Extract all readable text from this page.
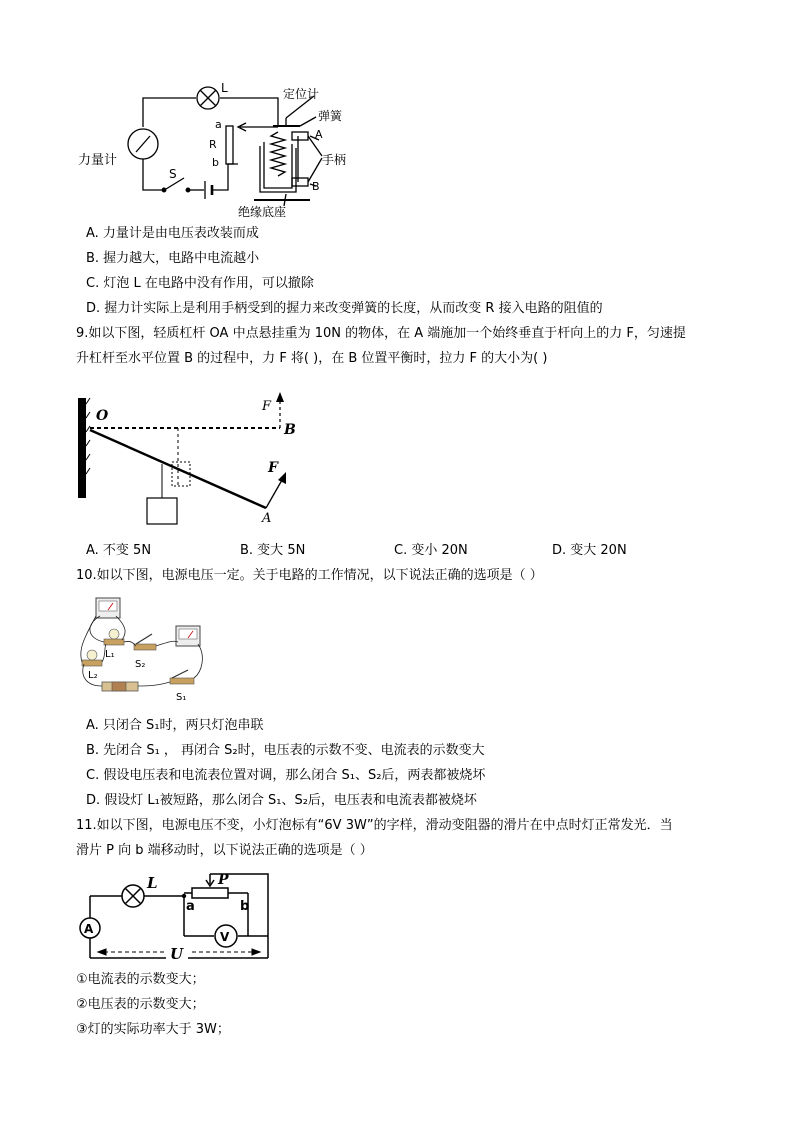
L
a
R
b
S
力量计
定位计
弹簧
A
手柄
B
绝缘底座
A. 力量计是由电压表改装而成
B. 握力越大，电路中电流越小
C. 灯泡 L 在电路中没有作用，可以撤除
D. 握力计实际上是利用手柄受到的握力来改变弹簧的长度，从而改变 R 接入电路的阻值的
9.如以下图，轻质杠杆 OA 中点悬挂重为 10N 的物体，在 A 端施加一个始终垂直于杆向上的力 F，匀速提
升杠杆至水平位置 B 的过程中，力 F 将( )，在 B 位置平衡时，拉力 F 的大小为( )
O
B
F
F
A
A. 不变 5N	B. 变大 5N	C. 变小 20N	D. 变大 20N
10.如以下图，电源电压一定。关于电路的工作情况，以下说法正确的选项是（ ）
L₁
S₂
L₂
S₁
A. 只闭合 S₁时，两只灯泡串联
B. 先闭合 S₁ ， 再闭合 S₂时，电压表的示数不变、电流表的示数变大
C. 假设电压表和电流表位置对调，那么闭合 S₁、S₂后，两表都被烧坏
D. 假设灯 L₁被短路，那么闭合 S₁、S₂后，电压表和电流表都被烧坏
11.如以下图，电源电压不变，小灯泡标有“6V 3W”的字样，滑动变阻器的滑片在中点时灯正常发光．当
滑片 P 向 b 端移动时，以下说法正确的选项是（ ）
L	P
a	b
A
V
U
①电流表的示数变大；
②电压表的示数变大；
③灯的实际功率大于 3W；
